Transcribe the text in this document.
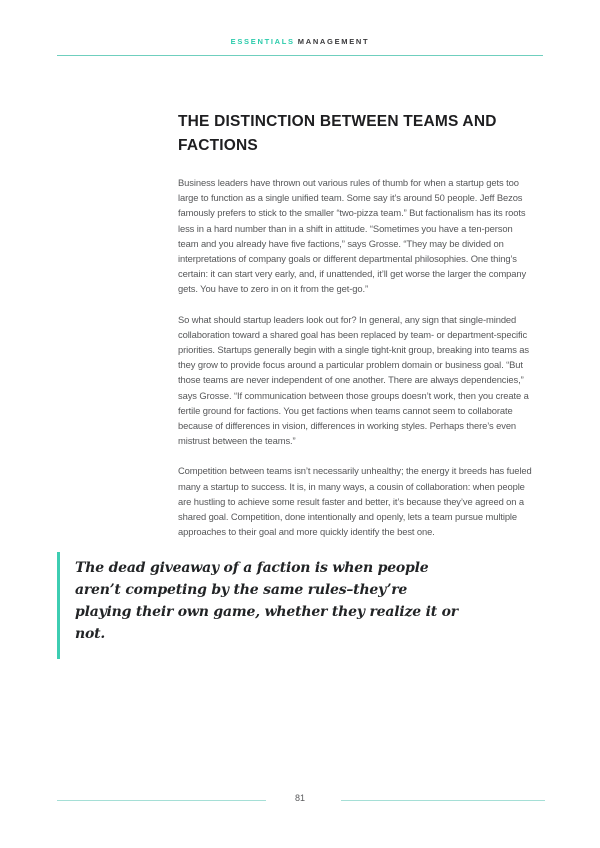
ESSENTIALS MANAGEMENT
THE DISTINCTION BETWEEN TEAMS AND FACTIONS

Business leaders have thrown out various rules of thumb for when a startup gets too large to function as a single unified team. Some say it’s around 50 people. Jeff Bezos famously prefers to stick to the smaller “two-pizza team.” But factionalism has its roots less in a hard number than in a shift in attitude. “Sometimes you have a ten-person team and you already have five factions,” says Grosse. “They may be divided on interpretations of company goals or different departmental philosophies. One thing’s certain: it can start very early, and, if unattended, it’ll get worse the larger the company gets. You have to zero in on it from the get-go.”

So what should startup leaders look out for? In general, any sign that single-minded collaboration toward a shared goal has been replaced by team- or department-specific priorities. Startups generally begin with a single tight-knit group, breaking into teams as they grow to provide focus around a particular problem domain or business goal. “But those teams are never independent of one another. There are always dependencies,” says Grosse. “If communication between those groups doesn’t work, then you create a fertile ground for factions. You get factions when teams cannot seem to collaborate because of differences in vision, differences in working styles. Perhaps there’s even mistrust between the teams.”

Competition between teams isn’t necessarily unhealthy; the energy it breeds has fueled many a startup to success. It is, in many ways, a cousin of collaboration: when people are hustling to achieve some result faster and better, it’s because they’ve agreed on a shared goal. Competition, done intentionally and openly, lets a team pursue multiple approaches to their goal and more quickly identify the best one.

The dead giveaway of a faction is when people aren’t competing by the same rules–they’re playing their own game, whether they realize it or not.
81
